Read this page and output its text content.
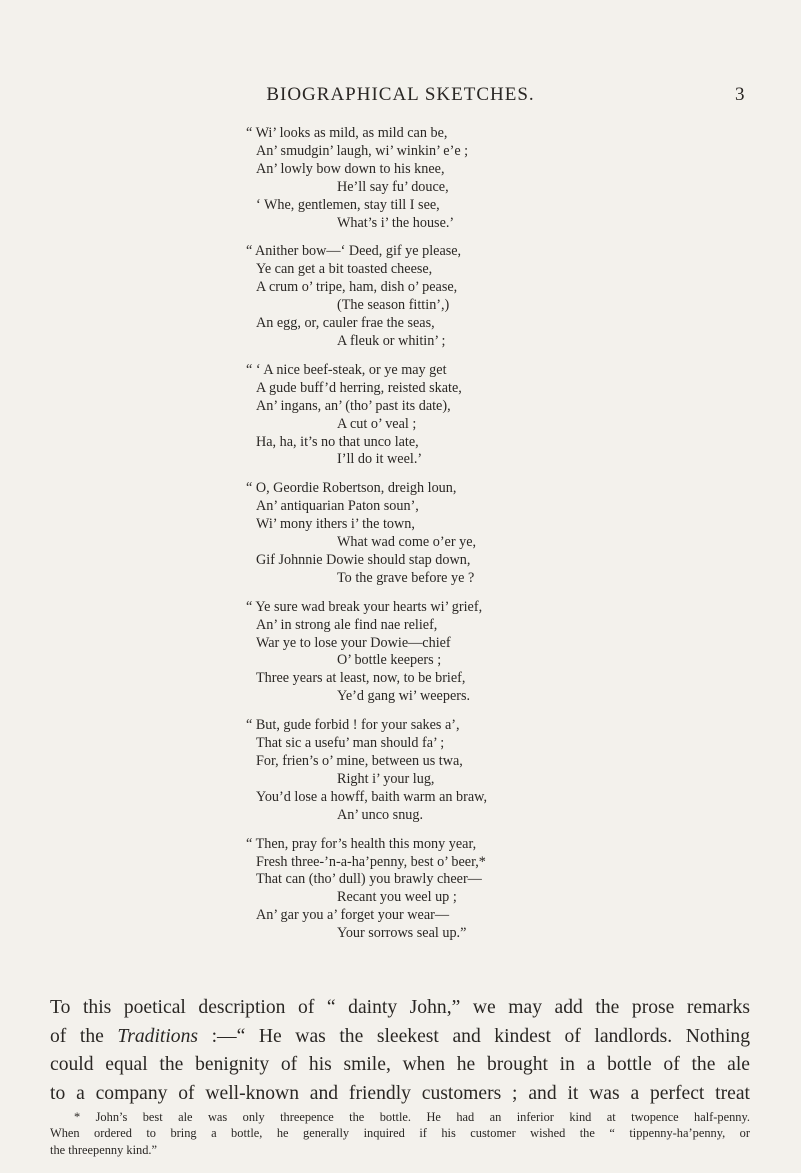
BIOGRAPHICAL SKETCHES.	3
“ Wi’ looks as mild, as mild can be,
An’ smudgin’ laugh, wi’ winkin’ e’e ;
An’ lowly bow down to his knee,
He’ll say fu’ douce,
‘ Whe, gentlemen, stay till I see,
What’s i’ the house.’
“ Anither bow—‘ Deed, gif ye please,
Ye can get a bit toasted cheese,
A crum o’ tripe, ham, dish o’ pease,
(The season fittin’,)
An egg, or, cauler frae the seas,
A fleuk or whitin’ ;
“ ‘ A nice beef-steak, or ye may get
A gude buff’d herring, reisted skate,
An’ ingans, an’ (tho’ past its date),
A cut o’ veal ;
Ha, ha, it’s no that unco late,
I’ll do it weel.’
“ O, Geordie Robertson, dreigh loun,
An’ antiquarian Paton soun’,
Wi’ mony ithers i’ the town,
What wad come o’er ye,
Gif Johnnie Dowie should stap down,
To the grave before ye ?
“ Ye sure wad break your hearts wi’ grief,
An’ in strong ale find nae relief,
War ye to lose your Dowie—chief
O’ bottle keepers ;
Three years at least, now, to be brief,
Ye’d gang wi’ weepers.
“ But, gude forbid ! for your sakes a’,
That sic a usefu’ man should fa’ ;
For, frien’s o’ mine, between us twa,
Right i’ your lug,
You’d lose a howff, baith warm an braw,
An’ unco snug.
“ Then, pray for’s health this mony year,
Fresh three-’n-a-ha’penny, best o’ beer,*
That can (tho’ dull) you brawly cheer—
Recant you weel up ;
An’ gar you a’ forget your wear—
Your sorrows seal up.”
To this poetical description of “ dainty John,” we may add the prose remarks
of the Traditions :—“ He was the sleekest and kindest of landlords. Nothing
could equal the benignity of his smile, when he brought in a bottle of the ale
to a company of well-known and friendly customers ; and it was a perfect treat
* John’s best ale was only threepence the bottle. He had an inferior kind at twopence half-penny.
When ordered to bring a bottle, he generally inquired if his customer wished the “ tippenny-ha’penny, or
the threepenny kind.”
